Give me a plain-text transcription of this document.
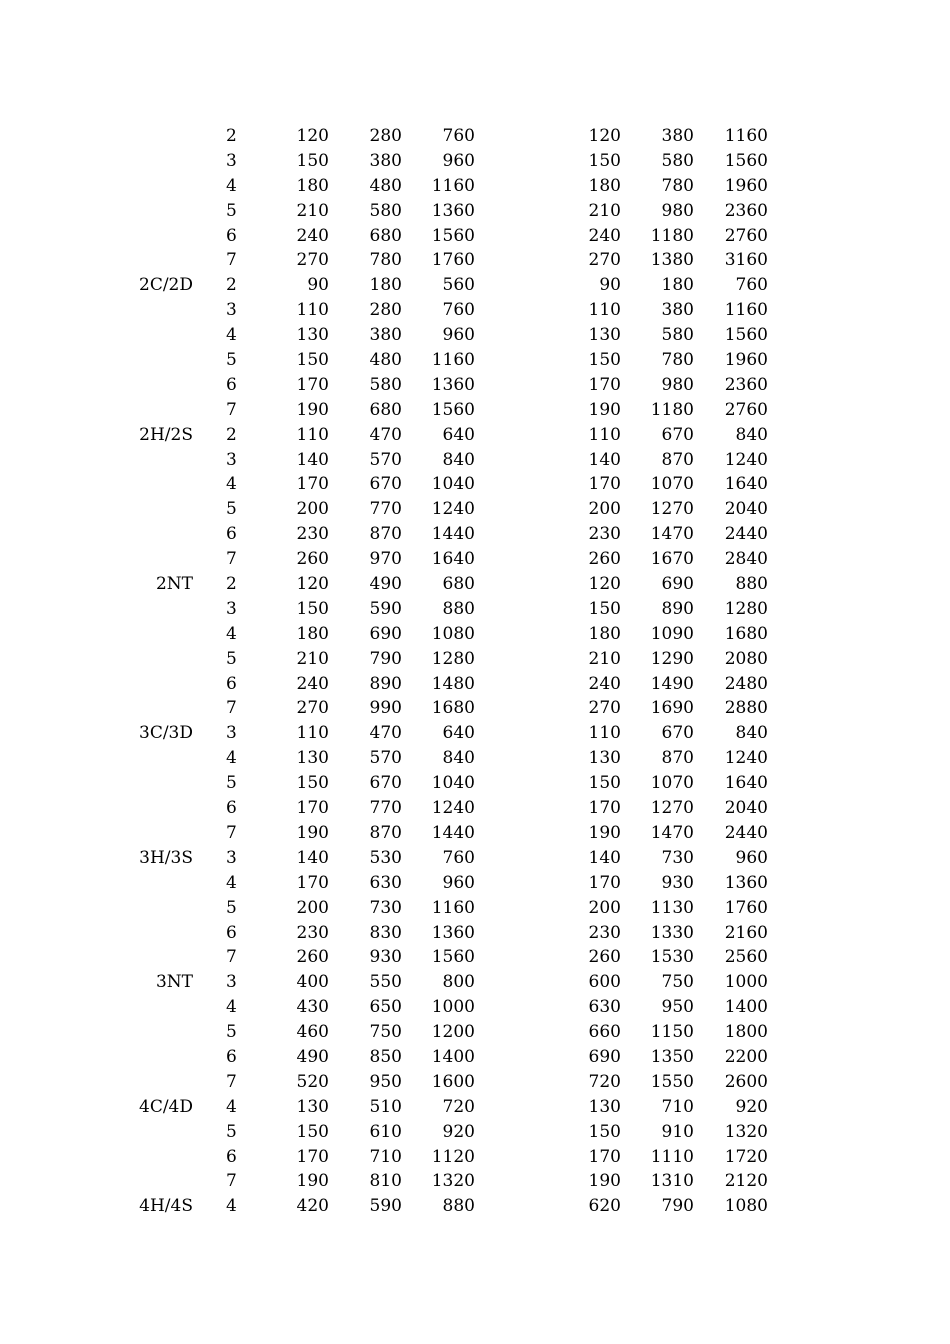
2	120 280 760	120 380 1160
3	150 380 960	150 580 1560
4	180 480 1160	180 780 1960
5	210 580 1360	210 980 2360
6	240 680 1560	240 1180 2760
7	270 780 1760	270 1380 3160
2C/2D 2	90 180 560	90 180 760
3	110 280 760	110 380 1160
4	130 380 960	130 580 1560
5	150 480 1160	150 780 1960
6	170 580 1360	170 980 2360
7	190 680 1560	190 1180 2760
2H/2S 2	110 470 640	110 670 840
3	140 570 840	140 870 1240
4	170 670 1040	170 1070 1640
5	200 770 1240	200 1270 2040
6	230 870 1440	230 1470 2440
7	260 970 1640	260 1670 2840
2NT 2	120 490 680	120 690 880
3	150 590 880	150 890 1280
4	180 690 1080	180 1090 1680
5	210 790 1280	210 1290 2080
6	240 890 1480	240 1490 2480
7	270 990 1680	270 1690 2880
3C/3D 3	110 470 640	110 670 840
4	130 570 840	130 870 1240
5	150 670 1040	150 1070 1640
6	170 770 1240	170 1270 2040
7	190 870 1440	190 1470 2440
3H/3S 3	140 530 760	140 730 960
4	170 630 960	170 930 1360
5	200 730 1160	200 1130 1760
6	230 830 1360	230 1330 2160
7	260 930 1560	260 1530 2560
3NT 3	400 550 800	600 750 1000
4	430 650 1000	630 950 1400
5	460 750 1200	660 1150 1800
6	490 850 1400	690 1350 2200
7	520 950 1600	720 1550 2600
4C/4D 4	130 510 720	130 710 920
5	150 610 920	150 910 1320
6	170 710 1120	170 1110 1720
7	190 810 1320	190 1310 2120
4H/4S 4	420 590 880	620 790 1080
